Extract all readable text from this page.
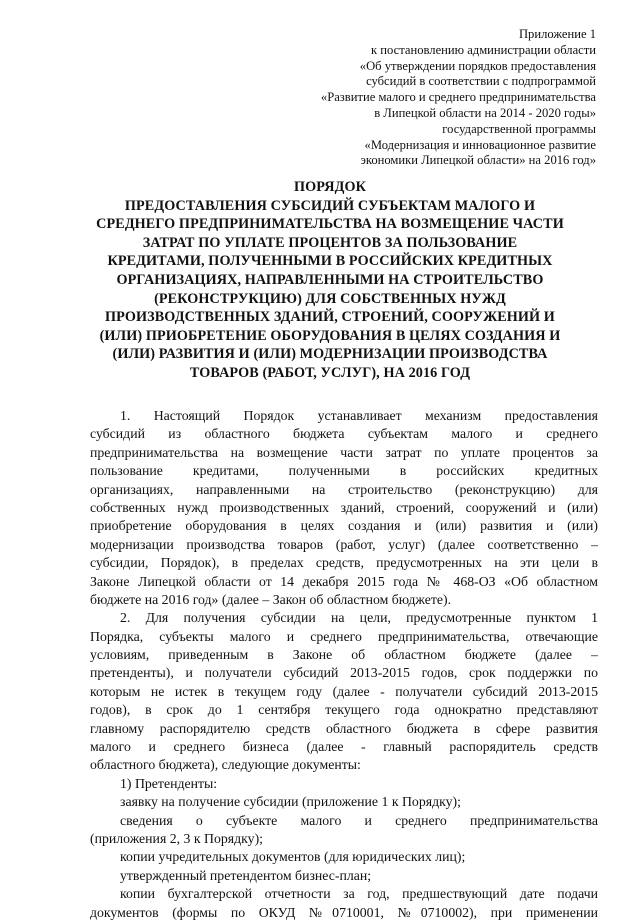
Приложение 1
к постановлению администрации области
«Об утверждении порядков предоставления
субсидий в соответствии с подпрограммой
«Развитие малого и среднего предпринимательства
в Липецкой области на 2014 - 2020 годы»
государственной программы
«Модернизация и инновационное развитие
экономики Липецкой области» на 2016 год»
ПОРЯДОК
ПРЕДОСТАВЛЕНИЯ СУБСИДИЙ СУБЪЕКТАМ МАЛОГО И
СРЕДНЕГО ПРЕДПРИНИМАТЕЛЬСТВА НА ВОЗМЕЩЕНИЕ ЧАСТИ
ЗАТРАТ ПО УПЛАТЕ ПРОЦЕНТОВ ЗА ПОЛЬЗОВАНИЕ
КРЕДИТАМИ, ПОЛУЧЕННЫМИ В РОССИЙСКИХ КРЕДИТНЫХ
ОРГАНИЗАЦИЯХ, НАПРАВЛЕННЫМИ НА СТРОИТЕЛЬСТВО
(РЕКОНСТРУКЦИЮ) ДЛЯ СОБСТВЕННЫХ НУЖД
ПРОИЗВОДСТВЕННЫХ ЗДАНИЙ, СТРОЕНИЙ, СООРУЖЕНИЙ И
(ИЛИ) ПРИОБРЕТЕНИЕ ОБОРУДОВАНИЯ В ЦЕЛЯХ СОЗДАНИЯ И
(ИЛИ) РАЗВИТИЯ И (ИЛИ) МОДЕРНИЗАЦИИ ПРОИЗВОДСТВА
ТОВАРОВ (РАБОТ, УСЛУГ), НА 2016 ГОД
1. Настоящий Порядок устанавливает механизм предоставления
субсидий из областного бюджета субъектам малого и среднего
предпринимательства на возмещение части затрат по уплате процентов за
пользование кредитами, полученными в российских кредитных
организациях, направленными на строительство (реконструкцию) для
собственных нужд производственных зданий, строений, сооружений и (или)
приобретение оборудования в целях создания и (или) развития и (или)
модернизации производства товаров (работ, услуг) (далее соответственно –
субсидии, Порядок), в пределах средств, предусмотренных на эти цели в
Законе Липецкой области от 14 декабря 2015 года № 468-ОЗ «Об областном
бюджете на 2016 год» (далее – Закон об областном бюджете).
2. Для получения субсидии на цели, предусмотренные пунктом 1
Порядка, субъекты малого и среднего предпринимательства, отвечающие
условиям, приведенным в Законе об областном бюджете (далее –
претенденты), и получатели субсидий 2013-2015 годов, срок поддержки по
которым не истек в текущем году (далее - получатели субсидий 2013-2015
годов), в срок до 1 сентября текущего года однократно представляют
главному распорядителю средств областного бюджета в сфере развития
малого и среднего бизнеса (далее - главный распорядитель средств
областного бюджета), следующие документы:
1) Претенденты:
заявку на получение субсидии (приложение 1 к Порядку);
сведения о субъекте малого и среднего предпринимательства
(приложения 2, 3 к Порядку);
копии учредительных документов (для юридических лиц);
утвержденный претендентом бизнес-план;
копии бухгалтерской отчетности за год, предшествующий дате подачи
документов (формы по ОКУД №0710001, №0710002), при применении
